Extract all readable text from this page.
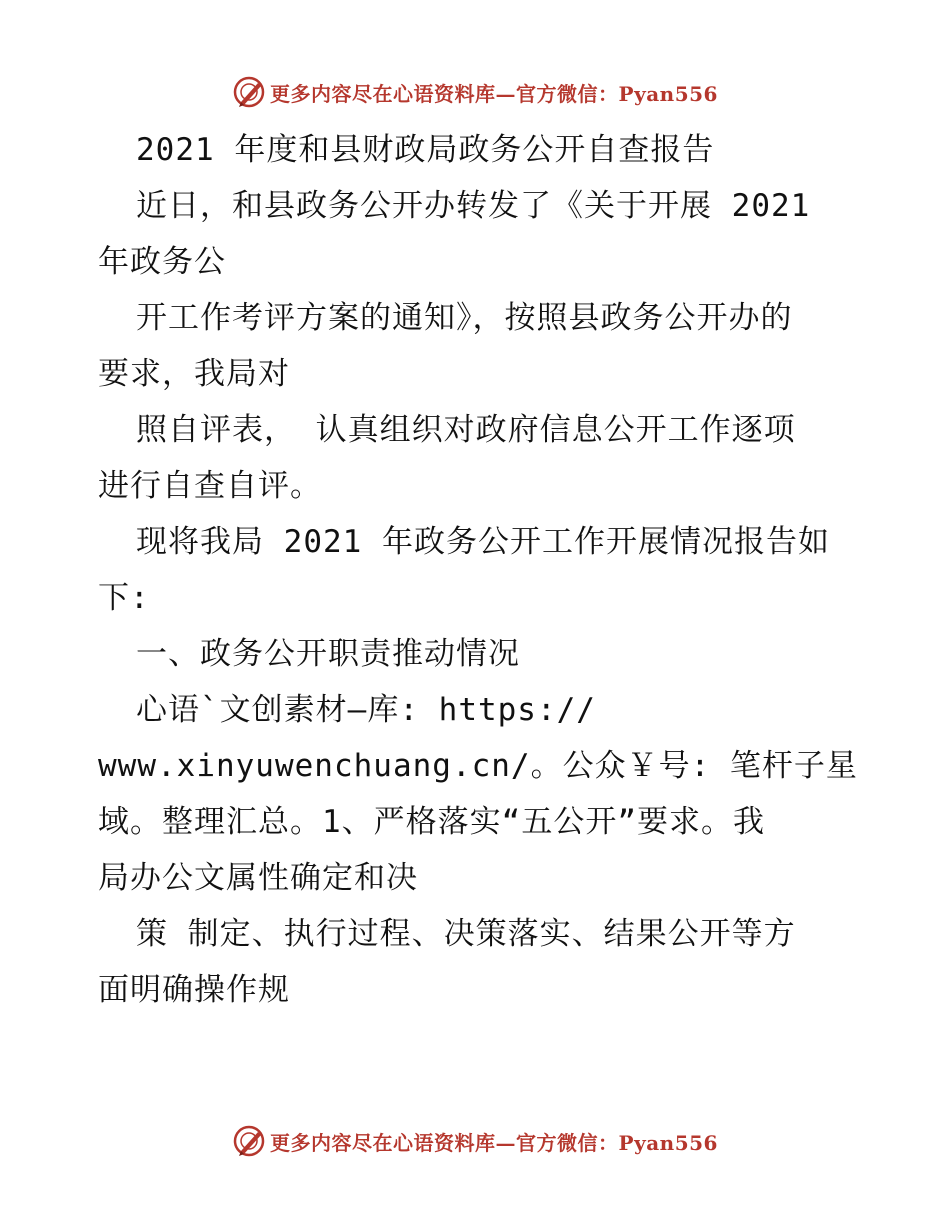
更多内容尽在心语资料库—官方微信：Pyan556
2021 年度和县财政局政务公开自查报告
近日，和县政务公开办转发了《关于开展 2021
年政务公
开工作考评方案的通知》，按照县政务公开办的
要求，我局对
照自评表， 认真组织对政府信息公开工作逐项
进行自查自评。
现将我局 2021 年政务公开工作开展情况报告如
下:
一、政务公开职责推动情况
心语`文创素材—库: https://
www.xinyuwenchuang.cn/。公众￥号: 笔杆子星
域。整理汇总。1、严格落实“五公开”要求。我
局办公文属性确定和决
策 制定、执行过程、决策落实、结果公开等方
面明确操作规
更多内容尽在心语资料库—官方微信：Pyan556
